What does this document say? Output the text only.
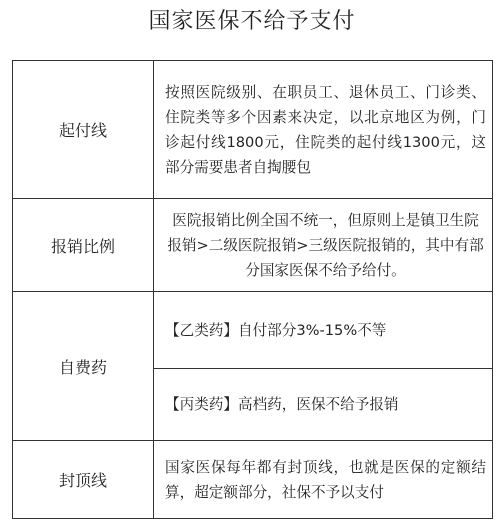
国家医保不给予支付
起付线
按照医院级别、在职员工、退休员工、门诊类、住院类等多个因素来决定，以北京地区为例，门诊起付线1800元，住院类的起付线1300元，这部分需要患者自掏腰包
报销比例
医院报销比例全国不统一，但原则上是镇卫生院报销>二级医院报销>三级医院报销的，其中有部分国家医保不给予给付。
自费药
【乙类药】自付部分3%-15%不等
【丙类药】高档药，医保不给予报销
封顶线
国家医保每年都有封顶线，也就是医保的定额结算，超定额部分，社保不予以支付
